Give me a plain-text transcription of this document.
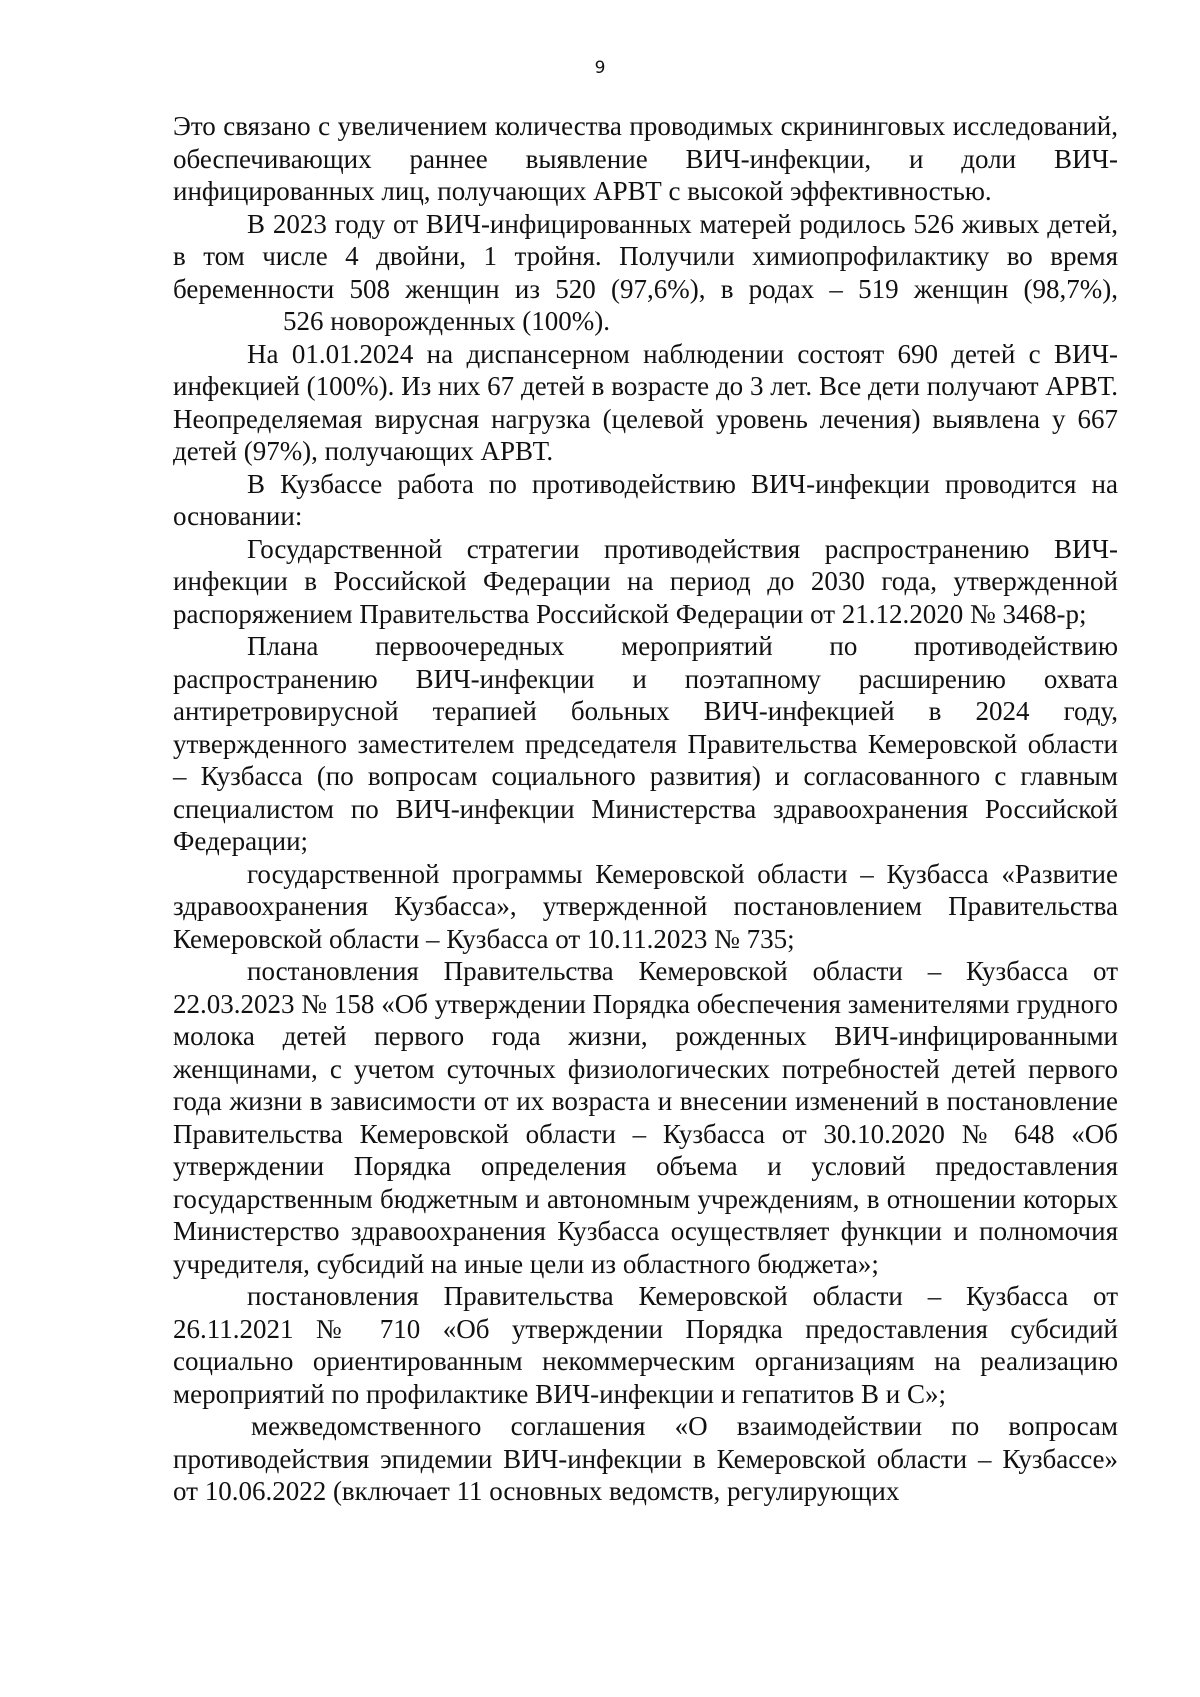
9

Это связано с увеличением количества проводимых скрининговых исследований, обеспечивающих раннее выявление ВИЧ-инфекции, и доли ВИЧ-инфицированных лиц, получающих АРВТ с высокой эффективностью.

В 2023 году от ВИЧ-инфицированных матерей родилось 526 живых детей, в том числе 4 двойни, 1 тройня. Получили химиопрофилактику во время беременности 508 женщин из 520 (97,6%), в родах – 519 женщин (98,7%),526 новорожденных (100%).

На 01.01.2024 на диспансерном наблюдении состоят 690 детей с ВИЧ-инфекцией (100%). Из них 67 детей в возрасте до 3 лет. Все дети получают АРВТ. Неопределяемая вирусная нагрузка (целевой уровень лечения) выявлена у 667 детей (97%), получающих АРВТ.

В Кузбассе работа по противодействию ВИЧ-инфекции проводится на основании:

Государственной стратегии противодействия распространению ВИЧ-инфекции в Российской Федерации на период до 2030 года, утвержденной распоряжением Правительства Российской Федерации от 21.12.2020 № 3468-р;

Плана первоочередных мероприятий по противодействию распространению ВИЧ-инфекции и поэтапному расширению охвата антиретровирусной терапией больных ВИЧ-инфекцией в 2024 году, утвержденного заместителем председателя Правительства Кемеровской области – Кузбасса (по вопросам социального развития) и согласованного с главным специалистом по ВИЧ-инфекции Министерства здравоохранения Российской Федерации;

государственной программы Кемеровской области – Кузбасса «Развитие здравоохранения Кузбасса», утвержденной постановлением Правительства Кемеровской области – Кузбасса от 10.11.2023 № 735;

постановления Правительства Кемеровской области – Кузбасса от 22.03.2023 № 158 «Об утверждении Порядка обеспечения заменителями грудного молока детей первого года жизни, рожденных ВИЧ-инфицированными женщинами, с учетом суточных физиологических потребностей детей первого года жизни в зависимости от их возраста и внесении изменений в постановление Правительства Кемеровской области – Кузбасса от 30.10.2020 № 648 «Об утверждении Порядка определения объема и условий предоставления государственным бюджетным и автономным учреждениям, в отношении которых Министерство здравоохранения Кузбасса осуществляет функции и полномочия учредителя, субсидий на иные цели из областного бюджета»;

постановления Правительства Кемеровской области – Кузбасса от 26.11.2021 № 710 «Об утверждении Порядка предоставления субсидий социально ориентированным некоммерческим организациям на реализацию мероприятий по профилактике ВИЧ-инфекции и гепатитов В и С»;

межведомственного соглашения «О взаимодействии по вопросам противодействия эпидемии ВИЧ-инфекции в Кемеровской области – Кузбассе» от 10.06.2022 (включает 11 основных ведомств, регулирующих
